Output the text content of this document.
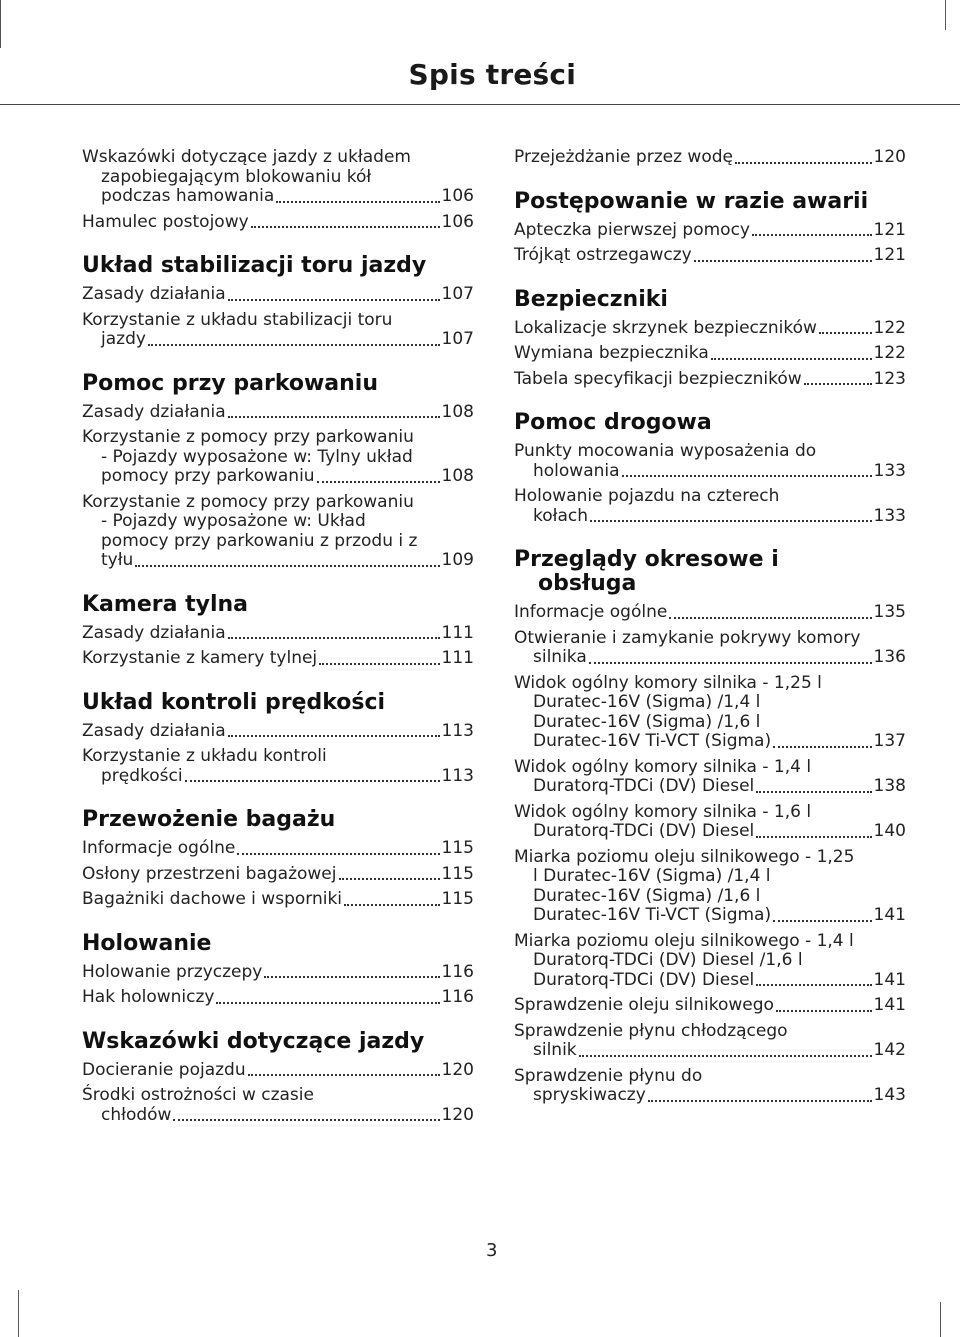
Spis treści
Wskazówki dotyczące jazdy z układem
zapobiegającym blokowaniu kół
podczas hamowania	106
Hamulec postojowy	106
Układ stabilizacji toru jazdy
Zasady działania	107
Korzystanie z układu stabilizacji toru
jazdy	107
Pomoc przy parkowaniu
Zasady działania	108
Korzystanie z pomocy przy parkowaniu
- Pojazdy wyposażone w: Tylny układ
pomocy przy parkowaniu	108
Korzystanie z pomocy przy parkowaniu
- Pojazdy wyposażone w: Układ
pomocy przy parkowaniu z przodu i z
tyłu	109
Kamera tylna
Zasady działania	111
Korzystanie z kamery tylnej	111
Układ kontroli prędkości
Zasady działania	113
Korzystanie z układu kontroli
prędkości	113
Przewożenie bagażu
Informacje ogólne	115
Osłony przestrzeni bagażowej	115
Bagażniki dachowe i wsporniki	115
Holowanie
Holowanie przyczepy	116
Hak holowniczy	116
Wskazówki dotyczące jazdy
Docieranie pojazdu	120
Środki ostrożności w czasie
chłodów	120
Przejeżdżanie przez wodę	120
Postępowanie w razie awarii
Apteczka pierwszej pomocy	121
Trójkąt ostrzegawczy	121
Bezpieczniki
Lokalizacje skrzynek bezpieczników	122
Wymiana bezpiecznika	122
Tabela specyfikacji bezpieczników	123
Pomoc drogowa
Punkty mocowania wyposażenia do
holowania	133
Holowanie pojazdu na czterech
kołach	133
Przeglądy okresowe i
obsługa
Informacje ogólne	135
Otwieranie i zamykanie pokrywy komory
silnika	136
Widok ogólny komory silnika - 1,25 l
Duratec-16V (Sigma) /1,4 l
Duratec-16V (Sigma) /1,6 l
Duratec-16V Ti-VCT (Sigma)	137
Widok ogólny komory silnika - 1,4 l
Duratorq-TDCi (DV) Diesel	138
Widok ogólny komory silnika - 1,6 l
Duratorq-TDCi (DV) Diesel	140
Miarka poziomu oleju silnikowego - 1,25
l Duratec-16V (Sigma) /1,4 l
Duratec-16V (Sigma) /1,6 l
Duratec-16V Ti-VCT (Sigma)	141
Miarka poziomu oleju silnikowego - 1,4 l
Duratorq-TDCi (DV) Diesel /1,6 l
Duratorq-TDCi (DV) Diesel	141
Sprawdzenie oleju silnikowego	141
Sprawdzenie płynu chłodzącego
silnik	142
Sprawdzenie płynu do
spryskiwaczy	143
3
